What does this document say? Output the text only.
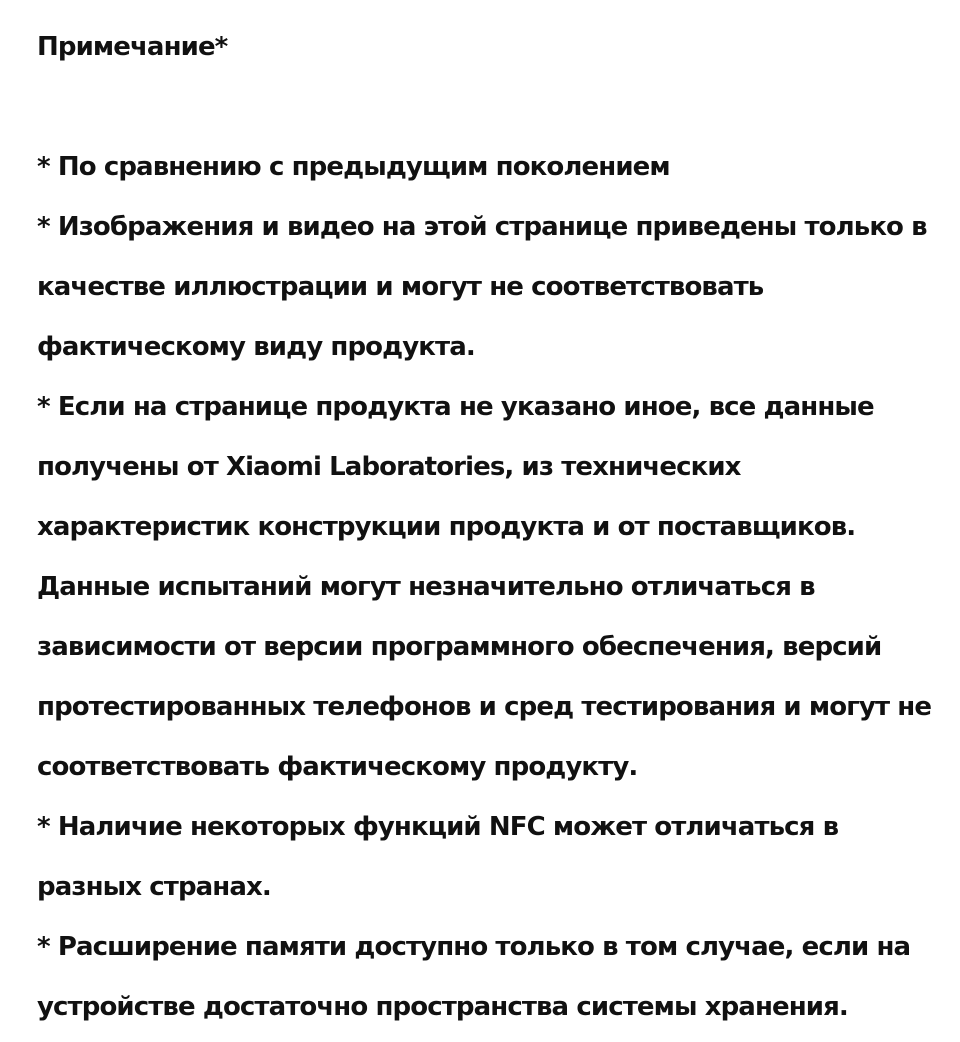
Примечание*

* По сравнению с предыдущим поколением

* Изображения и видео на этой странице приведены только в качестве иллюстрации и могут не соответствовать фактическому виду продукта.

* Если на странице продукта не указано иное, все данные получены от Xiaomi Laboratories, из технических характеристик конструкции продукта и от поставщиков. Данные испытаний могут незначительно отличаться в зависимости от версии программного обеспечения, версий протестированных телефонов и сред тестирования и могут не соответствовать фактическому продукту.

* Наличие некоторых функций NFC может отличаться в разных странах.

* Расширение памяти доступно только в том случае, если на устройстве достаточно пространства системы хранения.
